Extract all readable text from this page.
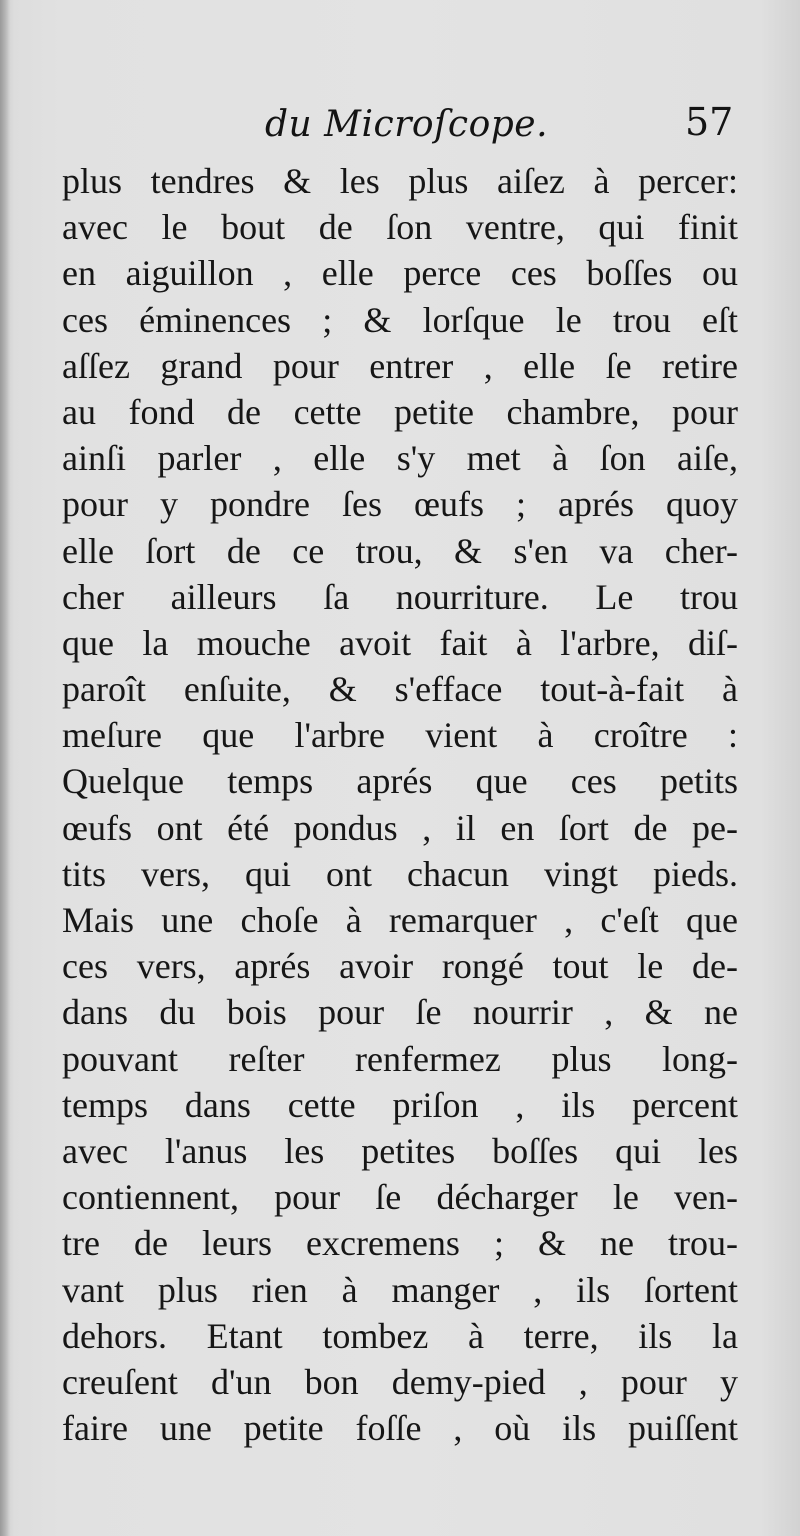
du Microſcope.	57
plus tendres & les plus aiſez à percer:
avec le bout de ſon ventre, qui finit
en aiguillon , elle perce ces boſſes ou
ces éminences ; & lorſque le trou eſt
aſſez grand pour entrer , elle ſe retire
au fond de cette petite chambre, pour
ainſi parler , elle s'y met à ſon aiſe,
pour y pondre ſes œufs ; aprés quoy
elle ſort de ce trou, & s'en va cher-
cher ailleurs ſa nourriture. Le trou
que la mouche avoit fait à l'arbre, diſ-
paroît enſuite, & s'efface tout-à-fait à
meſure que l'arbre vient à croître :
Quelque temps aprés que ces petits
œufs ont été pondus , il en ſort de pe-
tits vers, qui ont chacun vingt pieds.
Mais une choſe à remarquer , c'eſt que
ces vers, aprés avoir rongé tout le de-
dans du bois pour ſe nourrir , & ne
pouvant reſter renfermez plus long-
temps dans cette priſon , ils percent
avec l'anus les petites boſſes qui les
contiennent, pour ſe décharger le ven-
tre de leurs excremens ; & ne trou-
vant plus rien à manger , ils ſortent
dehors. Etant tombez à terre, ils la
creuſent d'un bon demy-pied , pour y
faire une petite foſſe , où ils puiſſent
